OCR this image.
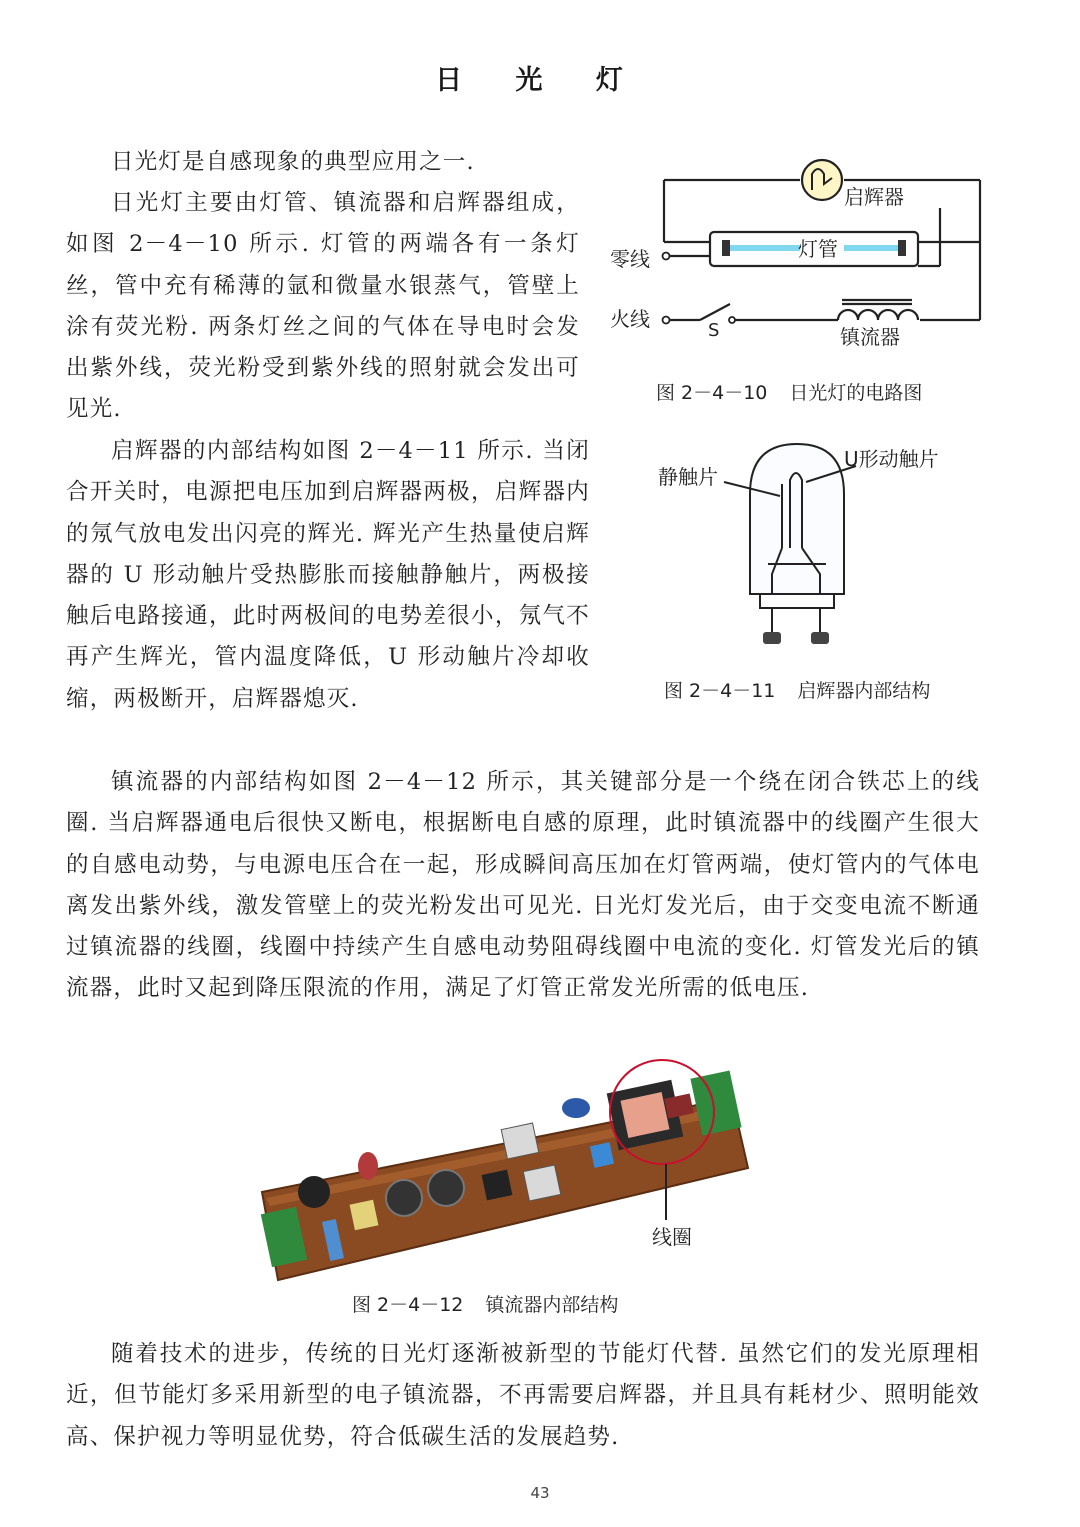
日 光 灯

日光灯是自感现象的典型应用之一.

日光灯主要由灯管、镇流器和启辉器组成，如图 2－4－10 所示. 灯管的两端各有一条灯丝，管中充有稀薄的氩和微量水银蒸气，管壁上涂有荧光粉. 两条灯丝之间的气体在导电时会发出紫外线，荧光粉受到紫外线的照射就会发出可见光.

启辉器的内部结构如图 2－4－11 所示. 当闭合开关时，电源把电压加到启辉器两极，启辉器内的氖气放电发出闪亮的辉光. 辉光产生热量使启辉器的 U 形动触片受热膨胀而接触静触片，两极接触后电路接通，此时两极间的电势差很小，氖气不再产生辉光，管内温度降低，U 形动触片冷却收缩，两极断开，启辉器熄灭.

镇流器的内部结构如图 2－4－12 所示，其关键部分是一个绕在闭合铁芯上的线圈. 当启辉器通电后很快又断电，根据断电自感的原理，此时镇流器中的线圈产生很大的自感电动势，与电源电压合在一起，形成瞬间高压加在灯管两端，使灯管内的气体电离发出紫外线，激发管壁上的荧光粉发出可见光. 日光灯发光后，由于交变电流不断通过镇流器的线圈，线圈中持续产生自感电动势阻碍线圈中电流的变化. 灯管发光后的镇流器，此时又起到降压限流的作用，满足了灯管正常发光所需的低电压.

随着技术的进步，传统的日光灯逐渐被新型的节能灯代替. 虽然它们的发光原理相近，但节能灯多采用新型的电子镇流器，不再需要启辉器，并且具有耗材少、照明能效高、保护视力等明显优势，符合低碳生活的发展趋势.

启辉器
灯管
零线
火线	S	镇流器
图 2－4－10 日光灯的电路图
静触片
U形动触片
图 2－4－11 启辉器内部结构
线圈
图 2－4－12 镇流器内部结构
43
